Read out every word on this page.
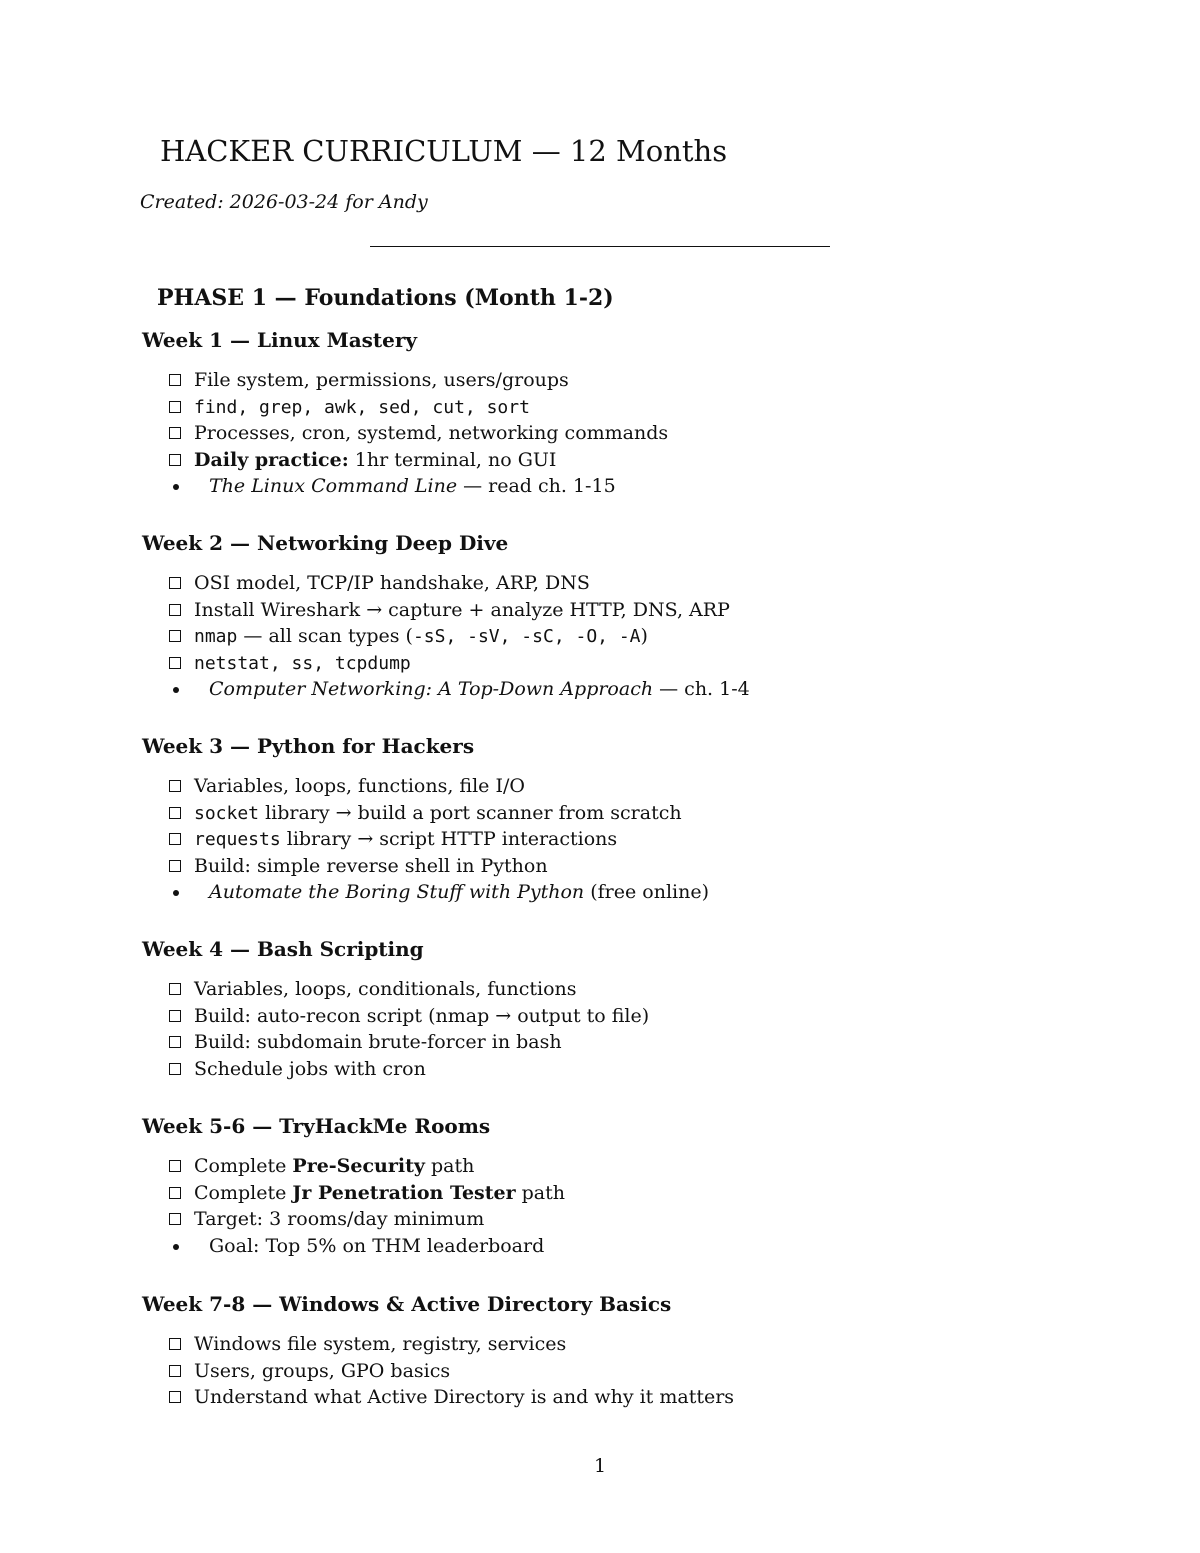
HACKER CURRICULUM — 12 Months
Created: 2026-03-24 for Andy
PHASE 1 — Foundations (Month 1-2)
Week 1 — Linux Mastery
File system, permissions, users/groups
find, grep, awk, sed, cut, sort
Processes, cron, systemd, networking commands
Daily practice: 1hr terminal, no GUI
The Linux Command Line — read ch. 1-15
Week 2 — Networking Deep Dive
OSI model, TCP/IP handshake, ARP, DNS
Install Wireshark → capture + analyze HTTP, DNS, ARP
nmap — all scan types (-sS, -sV, -sC, -O, -A)
netstat, ss, tcpdump
Computer Networking: A Top-Down Approach — ch. 1-4
Week 3 — Python for Hackers
Variables, loops, functions, file I/O
socket library → build a port scanner from scratch
requests library → script HTTP interactions
Build: simple reverse shell in Python
Automate the Boring Stuff with Python (free online)
Week 4 — Bash Scripting
Variables, loops, conditionals, functions
Build: auto-recon script (nmap → output to file)
Build: subdomain brute-forcer in bash
Schedule jobs with cron
Week 5-6 — TryHackMe Rooms
Complete Pre-Security path
Complete Jr Penetration Tester path
Target: 3 rooms/day minimum
Goal: Top 5% on THM leaderboard
Week 7-8 — Windows & Active Directory Basics
Windows file system, registry, services
Users, groups, GPO basics
Understand what Active Directory is and why it matters
1
